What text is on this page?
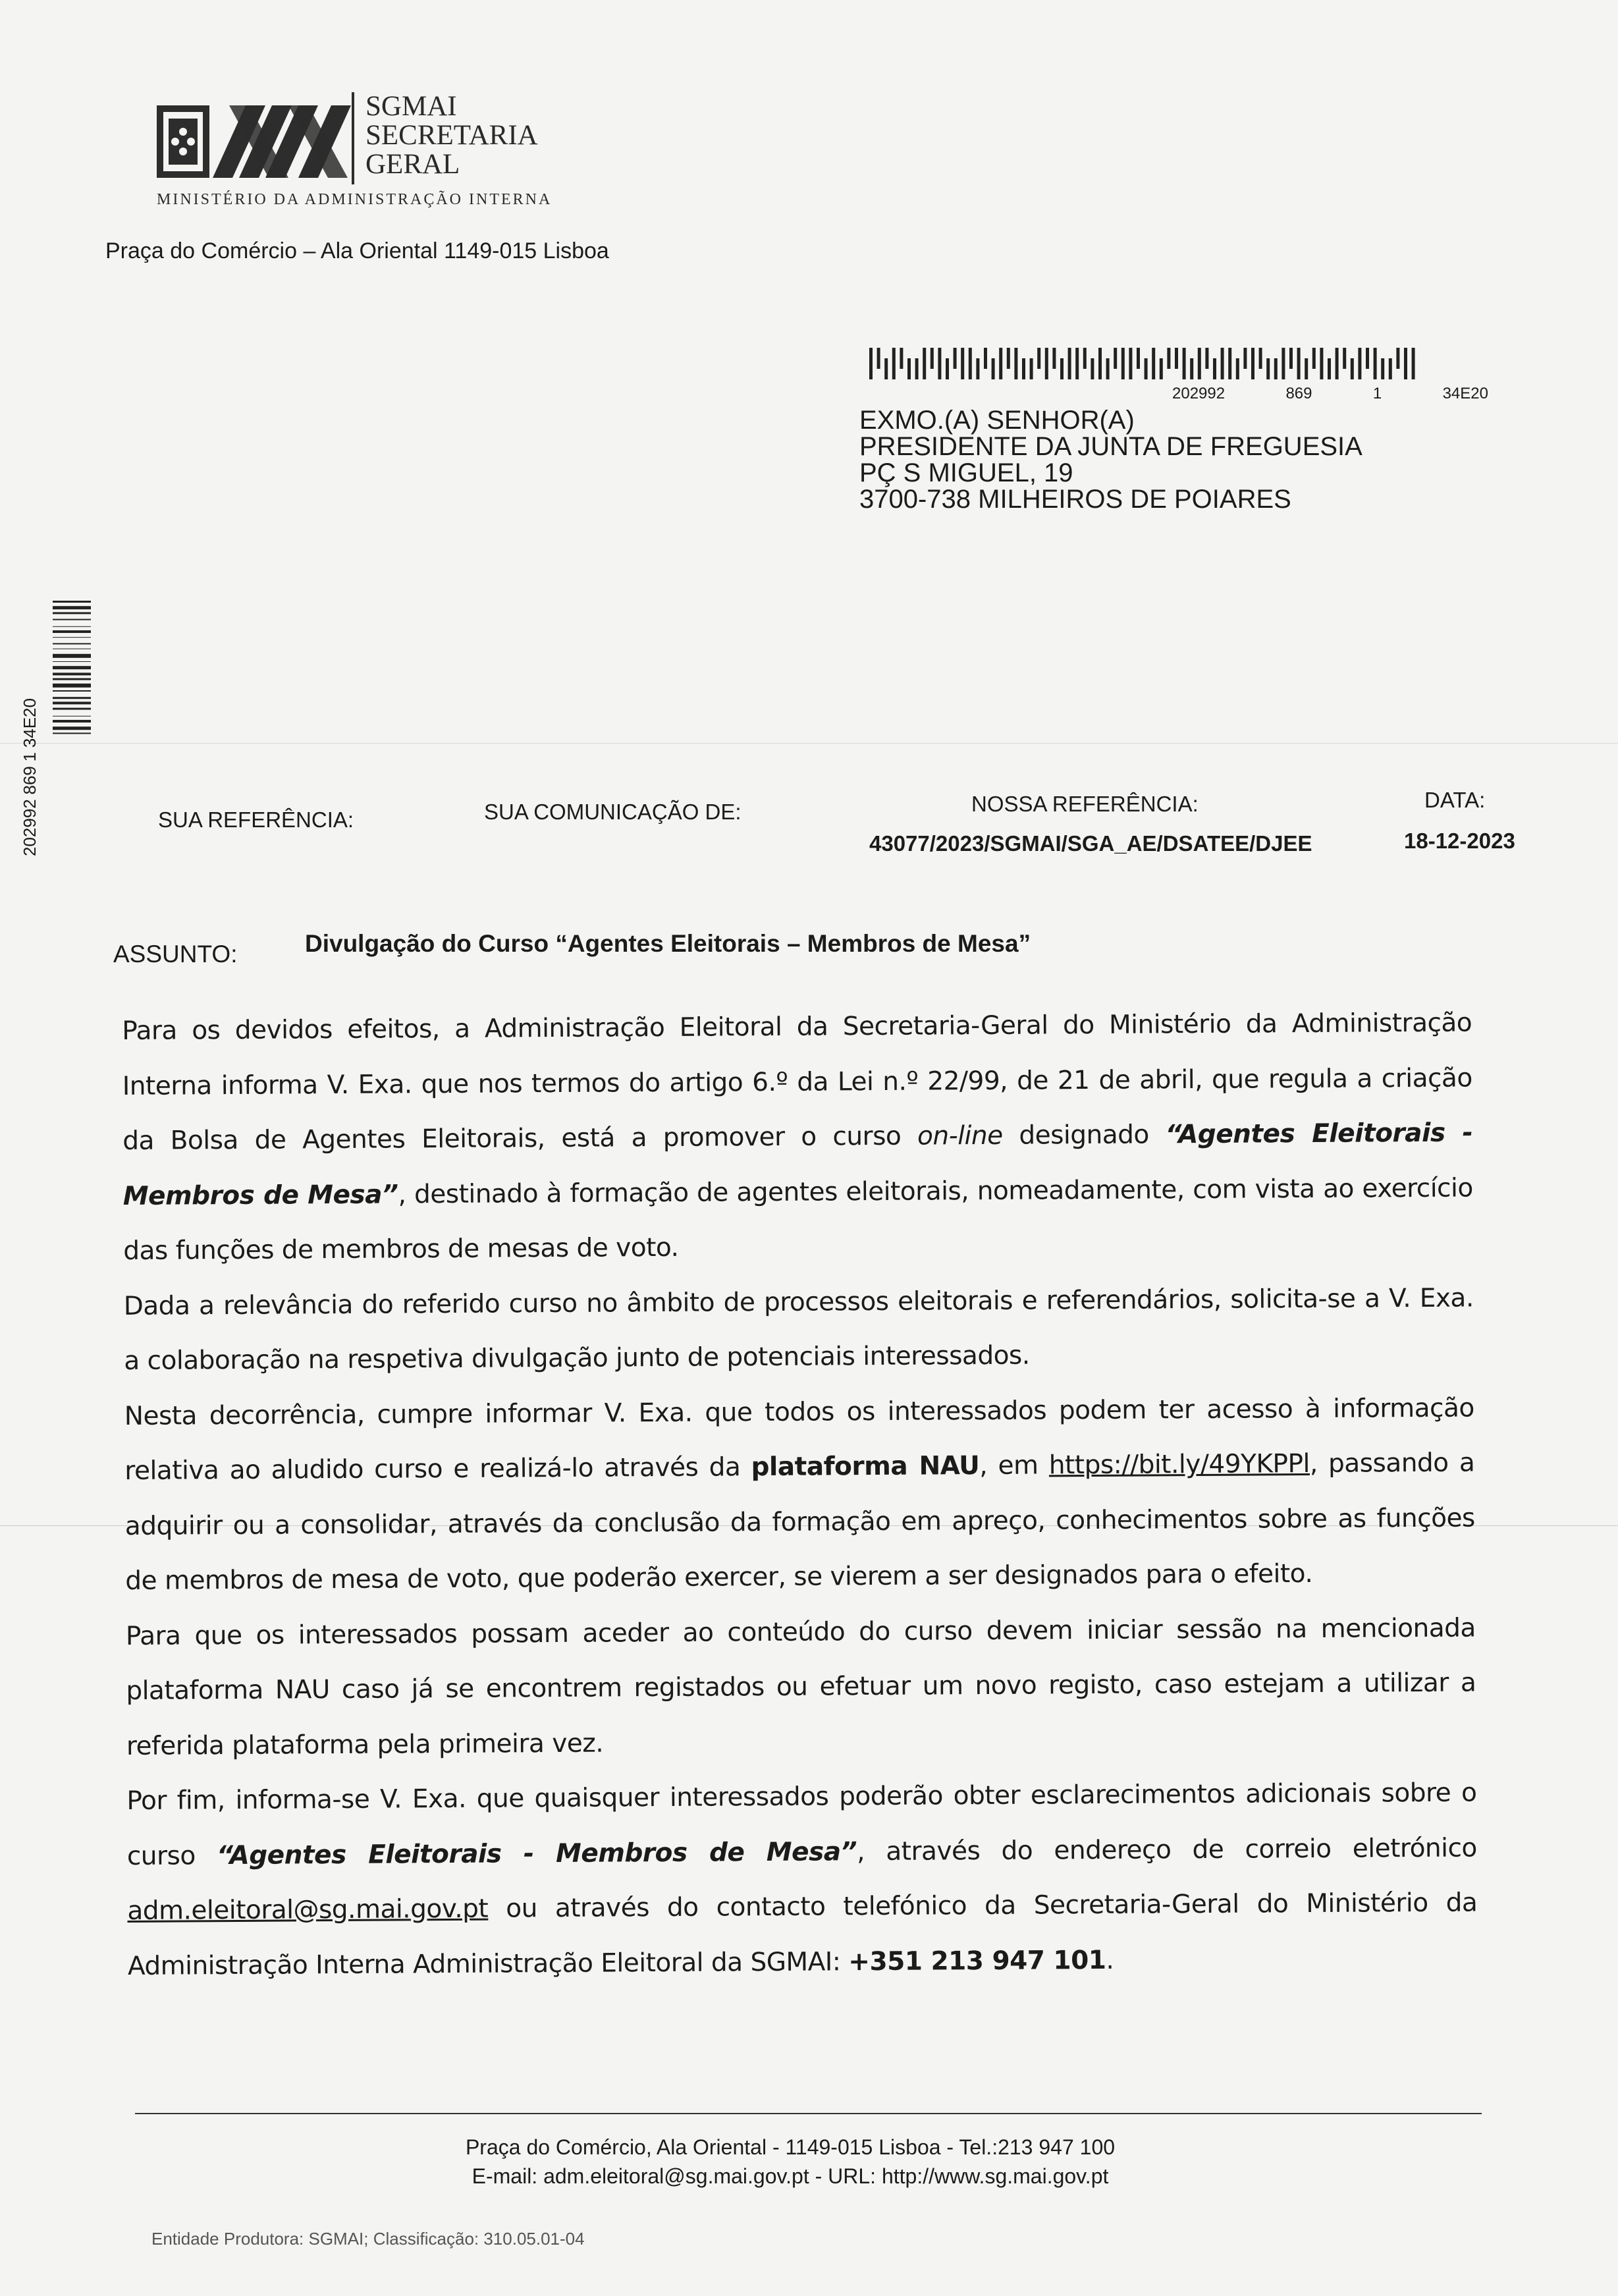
SGMAI
SECRETARIA
GERAL
MINISTÉRIO DA ADMINISTRAÇÃO INTERNA
Praça do Comércio – Ala Oriental 1149-015 Lisboa
202992	869	1	34E20
EXMO.(A) SENHOR(A)
PRESIDENTE DA JUNTA DE FREGUESIA
PÇ S MIGUEL, 19
3700-738 MILHEIROS DE POIARES
202992
869
1
34E20
SUA REFERÊNCIA:	SUA COMUNICAÇÃO DE:	NOSSA REFERÊNCIA:
43077/2023/SGMAI/SGA_AE/DSATEE/DJEE
DATA:
18-12-2023
ASSUNTO:	Divulgação do Curso “Agentes Eleitorais – Membros de Mesa”

Para os devidos efeitos, a Administração Eleitoral da Secretaria-Geral do Ministério da Administração Interna informa V. Exa. que nos termos do artigo 6.º da Lei n.º 22/99, de 21 de abril, que regula a criação da Bolsa de Agentes Eleitorais, está a promover o curso on-line designado “Agentes Eleitorais - Membros de Mesa”, destinado à formação de agentes eleitorais, nomeadamente, com vista ao exercício das funções de membros de mesas de voto.

Dada a relevância do referido curso no âmbito de processos eleitorais e referendários, solicita-se a V. Exa. a colaboração na respetiva divulgação junto de potenciais interessados.

Nesta decorrência, cumpre informar V. Exa. que todos os interessados podem ter acesso à informação relativa ao aludido curso e realizá-lo através da plataforma NAU, em https://bit.ly/49YKPPl, passando a adquirir ou a consolidar, através da conclusão da formação em apreço, conhecimentos sobre as funções de membros de mesa de voto, que poderão exercer, se vierem a ser designados para o efeito.

Para que os interessados possam aceder ao conteúdo do curso devem iniciar sessão na mencionada plataforma NAU caso já se encontrem registados ou efetuar um novo registo, caso estejam a utilizar a referida plataforma pela primeira vez.

Por fim, informa-se V. Exa. que quaisquer interessados poderão obter esclarecimentos adicionais sobre o curso “Agentes Eleitorais - Membros de Mesa”, através do endereço de correio eletrónico adm.eleitoral@sg.mai.gov.pt ou através do contacto telefónico da Secretaria-Geral do Ministério da Administração Interna Administração Eleitoral da SGMAI: +351 213 947 101.

Praça do Comércio, Ala Oriental - 1149-015 Lisboa - Tel.:213 947 100
E-mail: adm.eleitoral@sg.mai.gov.pt - URL: http://www.sg.mai.gov.pt
Entidade Produtora: SGMAI; Classificação: 310.05.01-04
